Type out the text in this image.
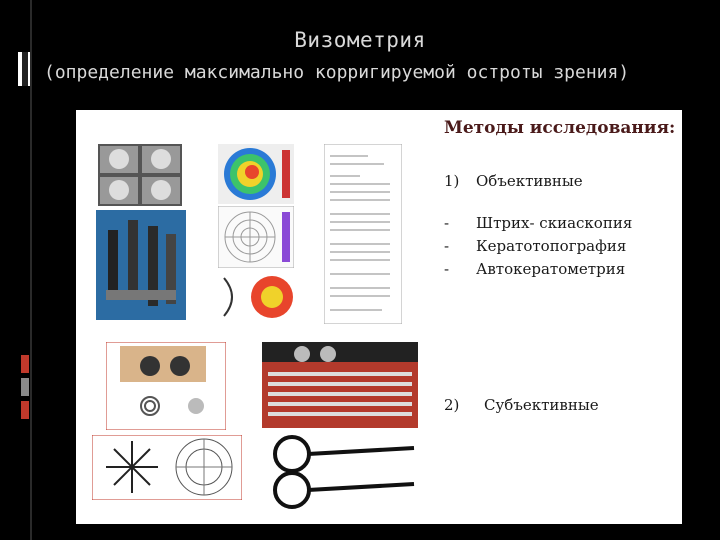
Визометрия
(определение максимально корригируемой остроты зрения)
Методы исследования:
1) Объективные
- Штрих- скиаскопия
- Кератотопография
- Автокератометрия
2) Субъективные
